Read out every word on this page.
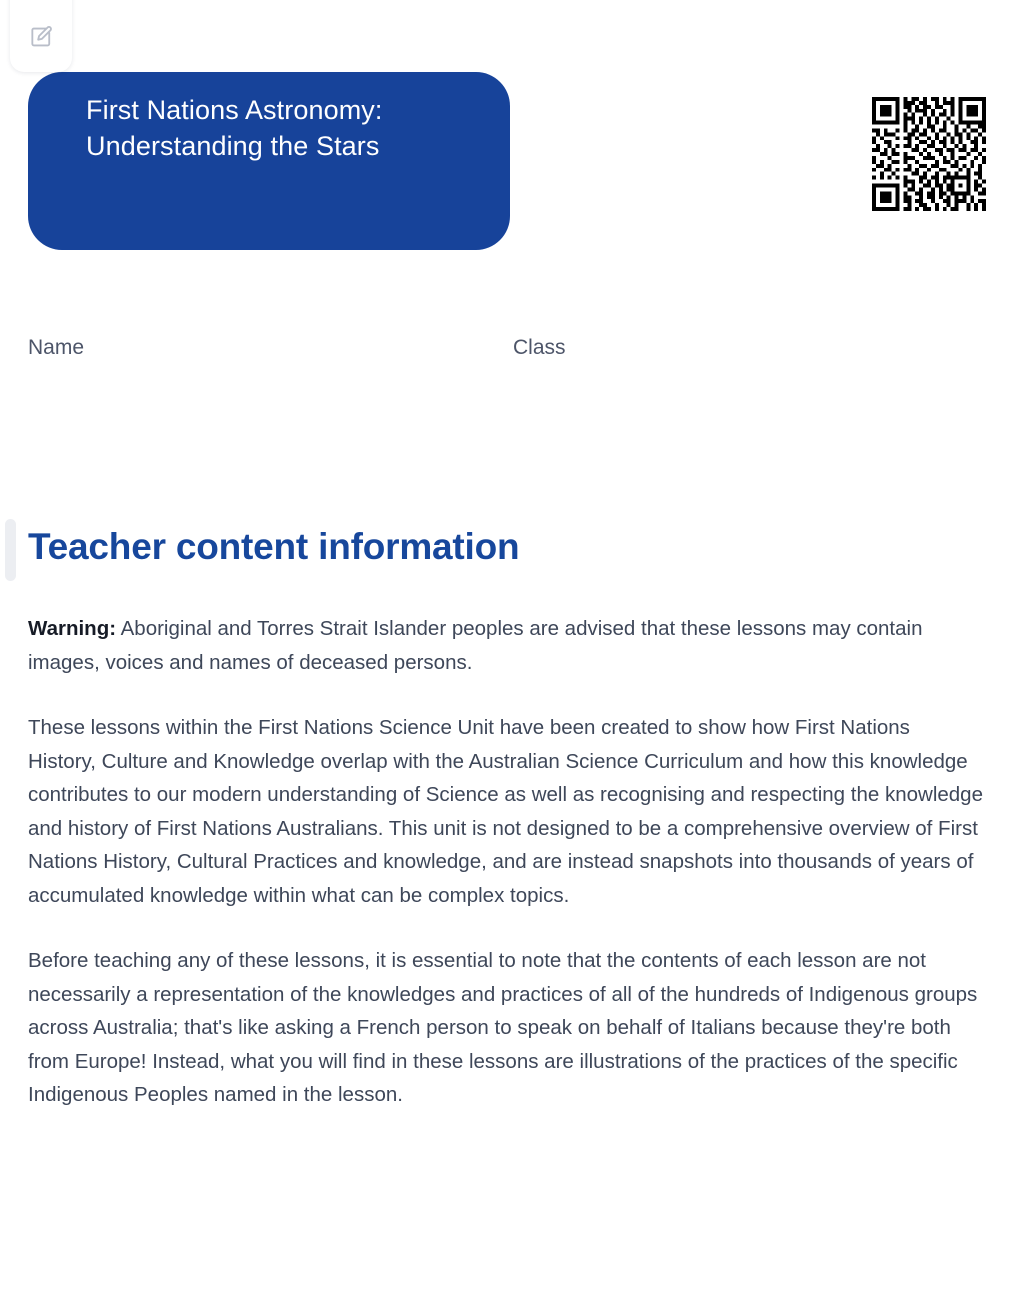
First Nations Astronomy: Understanding the Stars
Name	Class
Teacher content information

Warning: Aboriginal and Torres Strait Islander peoples are advised that these lessons may contain images, voices and names of deceased persons.

These lessons within the First Nations Science Unit have been created to show how First Nations History, Culture and Knowledge overlap with the Australian Science Curriculum and how this knowledge contributes to our modern understanding of Science as well as recognising and respecting the knowledge and history of First Nations Australians. This unit is not designed to be a comprehensive overview of First Nations History, Cultural Practices and knowledge, and are instead snapshots into thousands of years of accumulated knowledge within what can be complex topics.

Before teaching any of these lessons, it is essential to note that the contents of each lesson are not necessarily a representation of the knowledges and practices of all of the hundreds of Indigenous groups across Australia; that's like asking a French person to speak on behalf of Italians because they're both from Europe! Instead, what you will find in these lessons are illustrations of the practices of the specific Indigenous Peoples named in the lesson.
